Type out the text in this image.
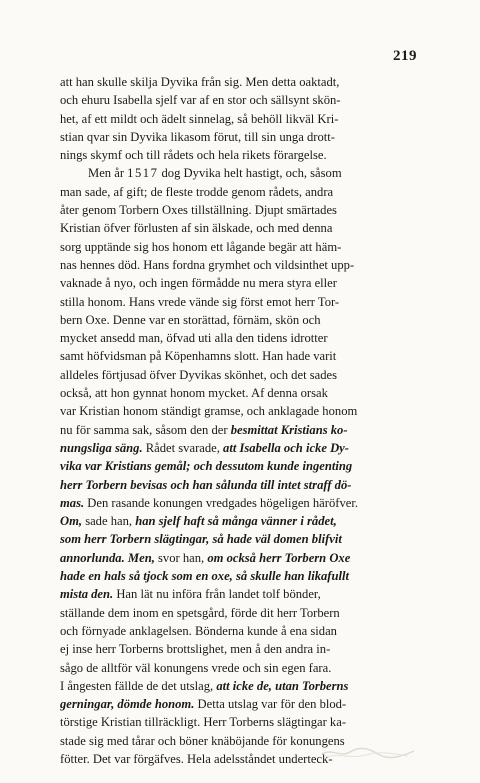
219
att han skulle skilja Dyvika från sig. Men detta oaktadt,
och ehuru Isabella sjelf var af en stor och sällsynt skön-
het, af ett mildt och ädelt sinnelag, så behöll likväl Kri-
stian qvar sin Dyvika likasom förut, till sin unga drott-
nings skymf och till rådets och hela rikets förargelse.
Men år 1517 dog Dyvika helt hastigt, och, såsom
man sade, af gift; de fleste trodde genom rådets, andra
åter genom Torbern Oxes tillställning. Djupt smärtades
Kristian öfver förlusten af sin älskade, och med denna
sorg upptände sig hos honom ett lågande begär att häm-
nas hennes död. Hans fordna grymhet och vildsinthet upp-
vaknade å nyo, och ingen förmådde nu mera styra eller
stilla honom. Hans vrede vände sig först emot herr Tor-
bern Oxe. Denne var en storättad, förnäm, skön och
mycket ansedd man, öfvad uti alla den tidens idrotter
samt höfvidsman på Köpenhamns slott. Han hade varit
alldeles förtjusad öfver Dyvikas skönhet, och det sades
också, att hon gynnat honom mycket. Af denna orsak
var Kristian honom ständigt gramse, och anklagade honom
nu för samma sak, såsom den der besmittat Kristians ko-
nungsliga säng. Rådet svarade, att Isabella och icke Dy-
vika var Kristians gemål; och dessutom kunde ingenting
herr Torbern bevisas och han sålunda till intet straff dö-
mas. Den rasande konungen vredgades högeligen häröfver.
Om, sade han, han sjelf haft så många vänner i rådet,
som herr Torbern slägtingar, så hade väl domen blifvit
annorlunda. Men, svor han, om också herr Torbern Oxe
hade en hals så tjock som en oxe, så skulle han likafullt
mista den. Han lät nu införa från landet tolf bönder,
ställande dem inom en spetsgård, förde dit herr Torbern
och förnyade anklagelsen. Bönderna kunde å ena sidan
ej inse herr Torberns brottslighet, men å den andra in-
sågo de alltför väl konungens vrede och sin egen fara.
I ångesten fällde de det utslag, att icke de, utan Torberns
gerningar, dömde honom. Detta utslag var för den blod-
törstige Kristian tillräckligt. Herr Torberns slägtingar ka-
stade sig med tårar och böner knäböjande för konungens
fötter. Det var förgäfves. Hela adelsståndet underteck-
